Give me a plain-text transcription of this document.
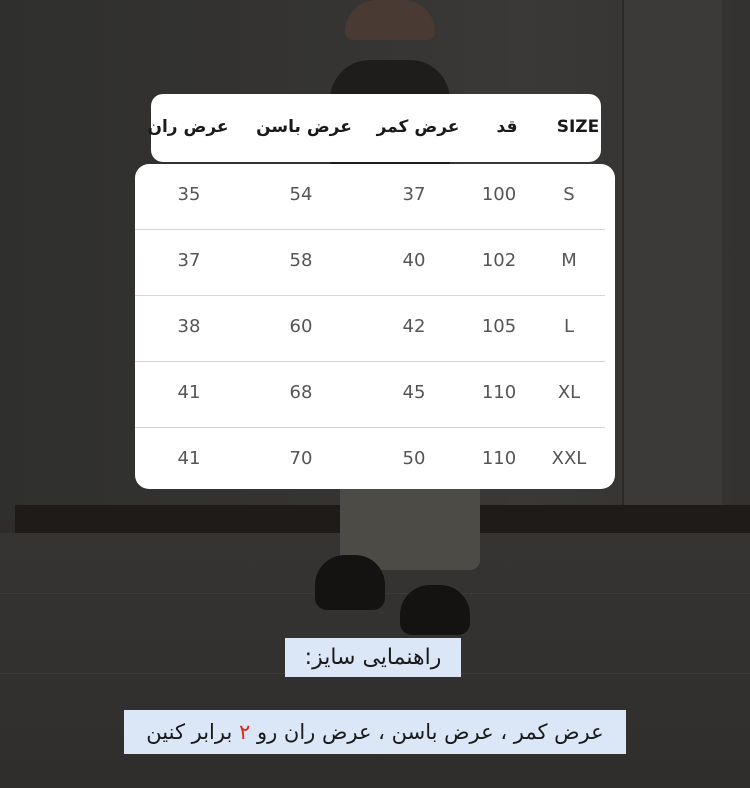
SIZE
قد
عرض کمر
عرض باسن
عرض ران
S
100
37
54
35
M
102
40
58
37
L
105
42
60
38
XL
110
45
68
41
XXL
110
50
70
41
راهنمایی سایز:
عرض کمر ، عرض باسن ، عرض ران رو ۲ برابر کنین
